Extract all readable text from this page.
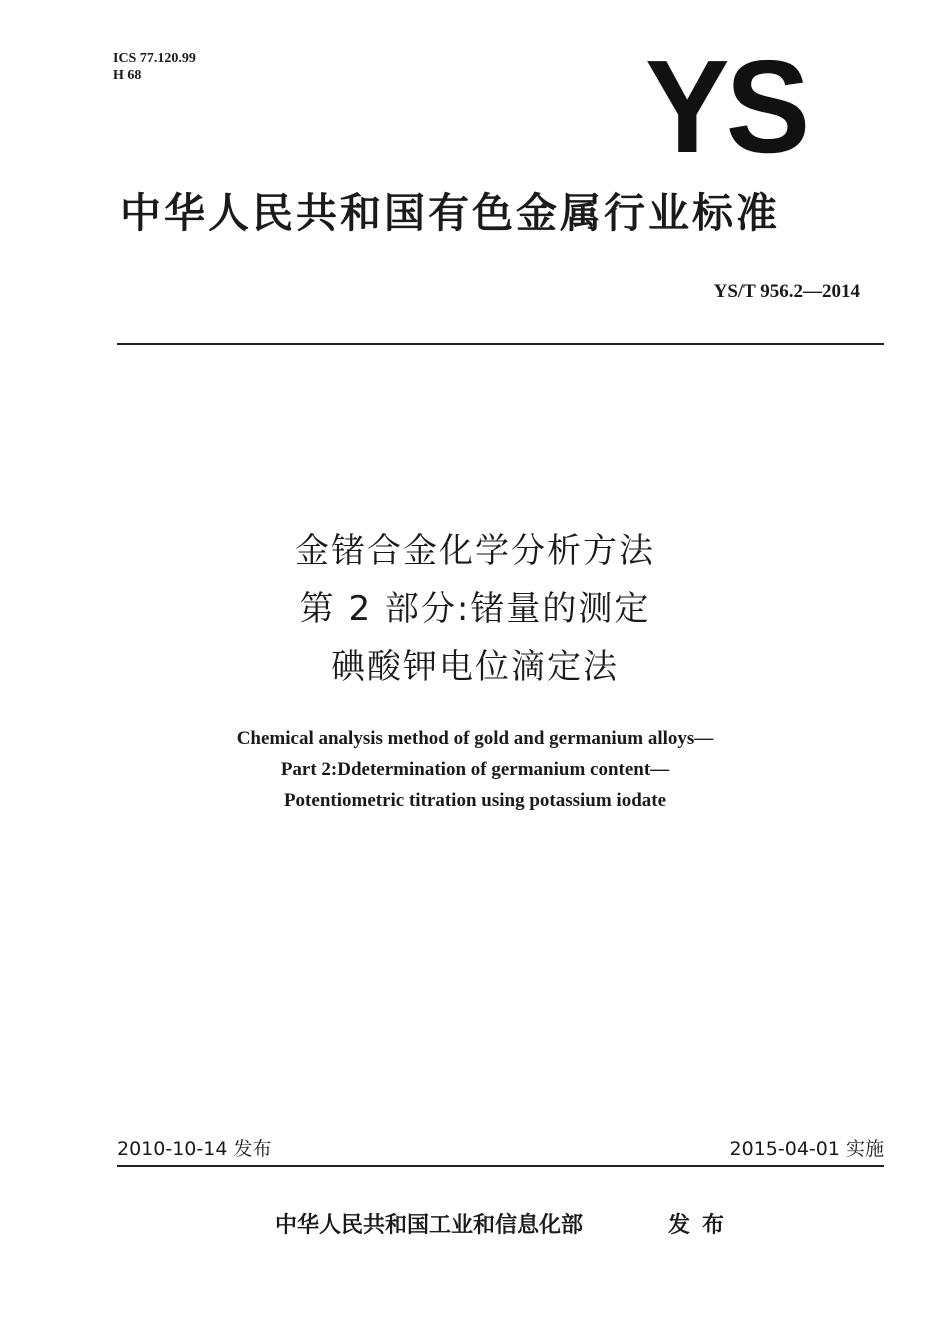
ICS 77.120.99
H 68	YS
中华人民共和国有色金属行业标准
YS/T 956.2—2014
金锗合金化学分析方法
第 2 部分:锗量的测定
碘酸钾电位滴定法
Chemical analysis method of gold and germanium alloys—
Part 2:Ddetermination of germanium content—
Potentiometric titration using potassium iodate
2010-10-14 发布	2015-04-01 实施
中华人民共和国工业和信息化部	发布
